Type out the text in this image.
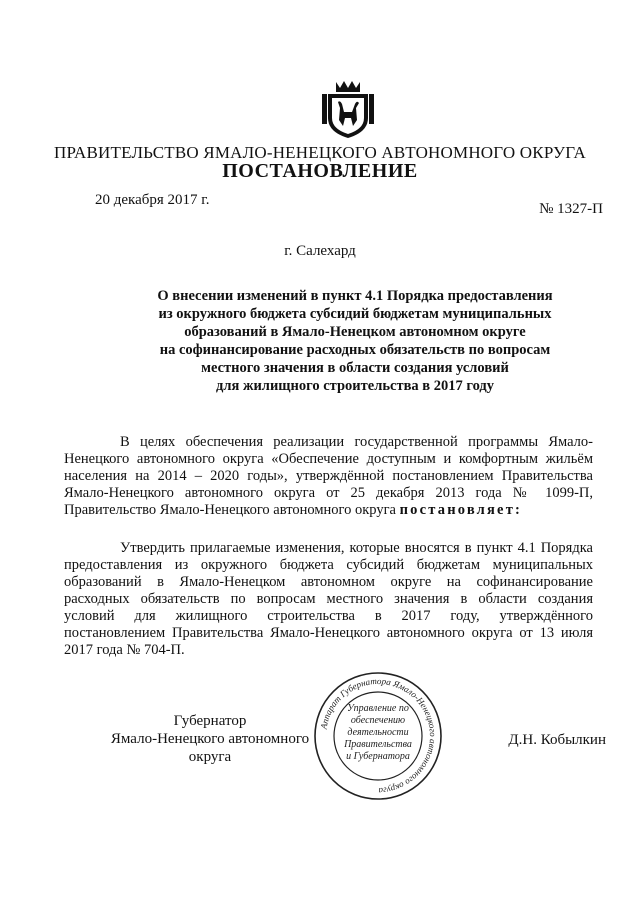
ПРАВИТЕЛЬСТВО ЯМАЛО-НЕНЕЦКОГО АВТОНОМНОГО ОКРУГА
ПОСТАНОВЛЕНИЕ
20 декабря 2017 г.
№ 1327-П
г. Салехард
О внесении изменений в пункт 4.1 Порядка предоставления
из окружного бюджета субсидий бюджетам муниципальных
образований в Ямало-Ненецком автономном округе
на софинансирование расходных обязательств по вопросам
местного значения в области создания условий
для жилищного строительства в 2017 году
В целях обеспечения реализации государственной программы Ямало-
Ненецкого автономного округа «Обеспечение доступным и комфортным жильём
населения на 2014 – 2020 годы», утверждённой постановлением Правительства
Ямало-Ненецкого автономного округа от 25 декабря 2013 года № 1099-П,
Правительство Ямало-Ненецкого автономного округа постановляет:
Утвердить прилагаемые изменения, которые вносятся в пункт 4.1 Порядка
предоставления из окружного бюджета субсидий бюджетам муниципальных
образований в Ямало-Ненецком автономном округе на софинансирование
расходных обязательств по вопросам местного значения в области создания
условий для жилищного строительства в 2017 году, утверждённого
постановлением Правительства Ямало-Ненецкого автономного округа от 13 июля
2017 года № 704-П.
Губернатор
Ямало-Ненецкого автономного округа
Д.Н. Кобылкин
Аппарат Губернатора Ямало-Ненецкого автономного округа
Управление по
обеспечению
деятельности
Правительства
и Губернатора
